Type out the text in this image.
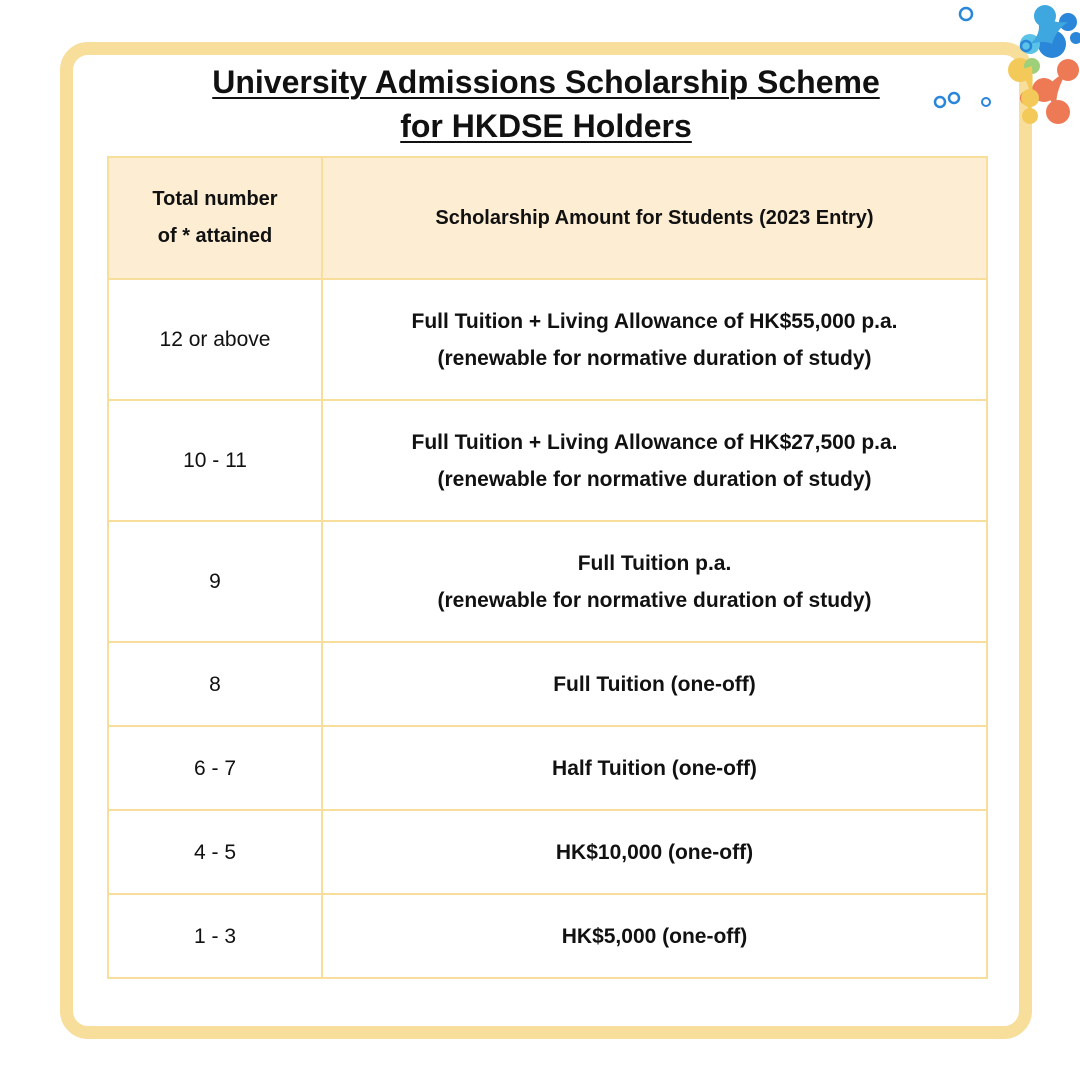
University Admissions Scholarship Scheme
for HKDSE Holders
Total number
of * attained	Scholarship Amount for Students (2023 Entry)
12 or above	Full Tuition + Living Allowance of HK$55,000 p.a.
(renewable for normative duration of study)

10 - 11	Full Tuition + Living Allowance of HK$27,500 p.a.
(renewable for normative duration of study)

9	Full Tuition p.a.
(renewable for normative duration of study)

8	Full Tuition (one-off)
6 - 7	Half Tuition (one-off)
4 - 5	HK$10,000 (one-off)
1 - 3	HK$5,000 (one-off)
